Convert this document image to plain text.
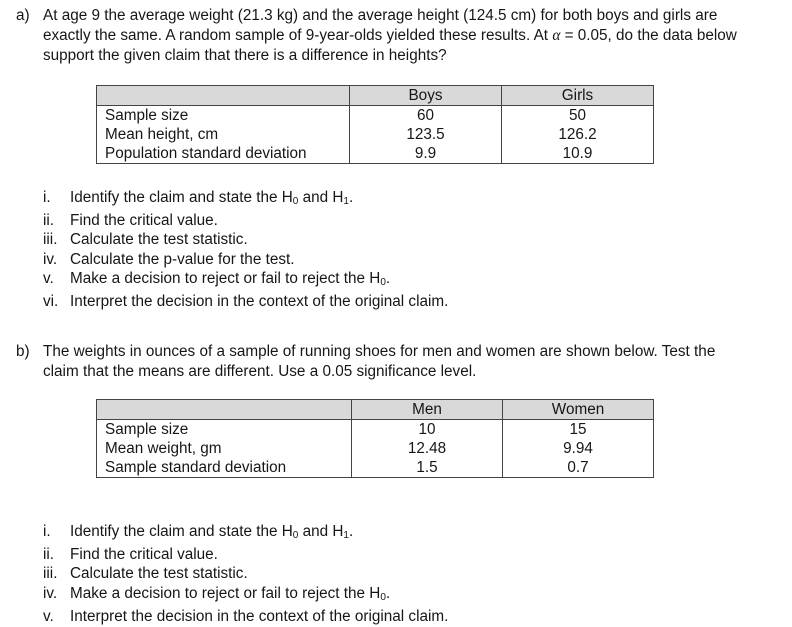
a) At age 9 the average weight (21.3 kg) and the average height (124.5 cm) for both boys and girls are exactly the same. A random sample of 9-year-olds yielded these results. At α = 0.05, do the data below support the given claim that there is a difference in heights?
	Boys	Girls
Sample size	60	50
Mean height, cm	123.5	126.2
Population standard deviation	9.9	10.9
i.	Identify the claim and state the $H_0$ and $H_1$.
ii.	Find the critical value.
iii. Calculate the test statistic.
iv. Calculate the p-value for the test.
v.	Make a decision to reject or fail to reject the $H_0$.
vi. Interpret the decision in the context of the original claim.
b) The weights in ounces of a sample of running shoes for men and women are shown below. Test the claim that the means are different. Use a 0.05 significance level.
	Men	Women
Sample size	10	15
Mean weight, gm	12.48	9.94
Sample standard deviation	1.5	0.7
i.	Identify the claim and state the $H_0$ and $H_1$.
ii.	Find the critical value.
iii. Calculate the test statistic.
iv. Make a decision to reject or fail to reject the $H_0$.
v.	Interpret the decision in the context of the original claim.
